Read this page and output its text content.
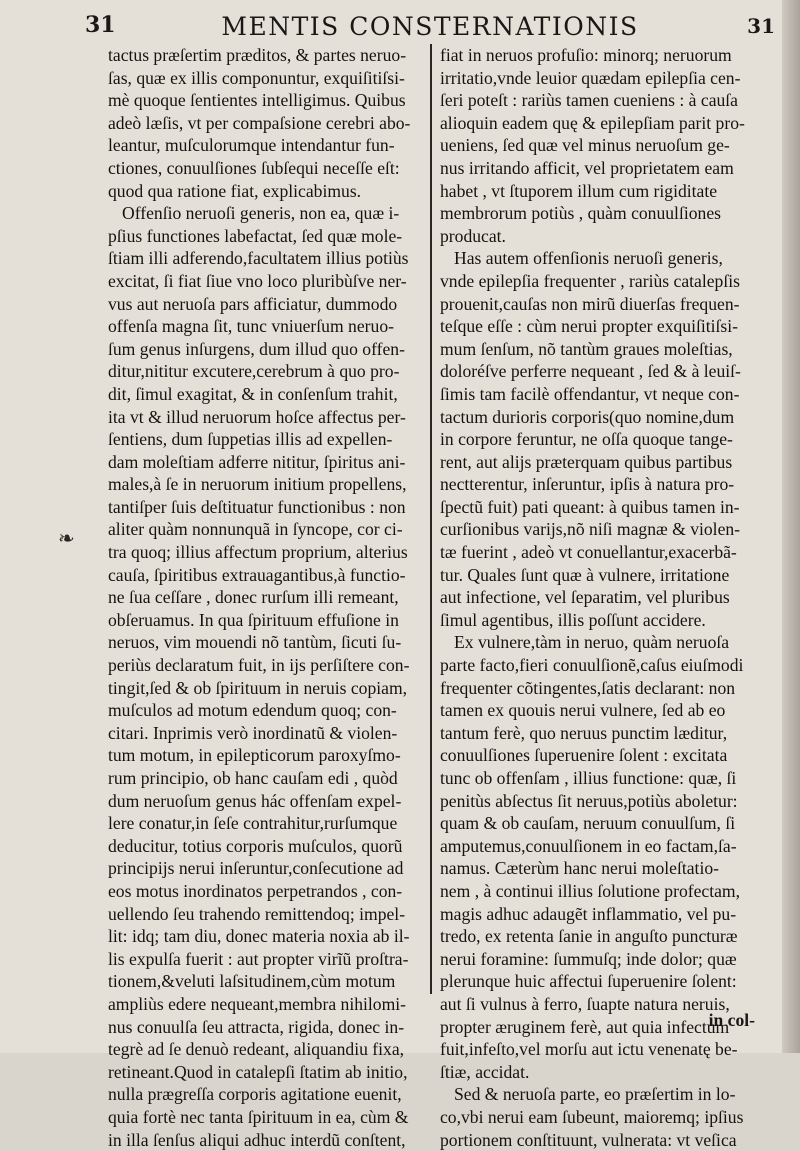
31	MENTIS CONSTERNATIONIS	31
❧
tactus præſertim præditos, & partes neruo-
ſas, quæ ex illis componuntur, exquiſitiſsi-
mè quoque ſentientes intelligimus. Quibus
adeò læſis, vt per compaſsione cerebri abo-
leantur, muſculorumque intendantur fun-
ctiones, conuulſiones ſubſequi neceſſe eſt:
quod qua ratione fiat, explicabimus.
Offenſio neruoſi generis, non ea, quæ i-
pſius functiones labefactat, ſed quæ mole-
ſtiam illi adferendo,facultatem illius potiùs
excitat, ſi fiat ſiue vno loco pluribùſve ner-
vus aut neruoſa pars afficiatur, dummodo
offenſa magna ſit, tunc vniuerſum neruo-
ſum genus inſurgens, dum illud quo offen-
ditur,nititur excutere,cerebrum à quo pro-
dit, ſimul exagitat, & in conſenſum trahit,
ita vt & illud neruorum hoſce affectus per-
ſentiens, dum ſuppetias illis ad expellen-
dam moleſtiam adferre nititur, ſpiritus ani-
males,à ſe in neruorum initium propellens,
tantiſper ſuis deſtituatur functionibus : non
aliter quàm nonnunquã in ſyncope, cor ci-
tra quoq; illius affectum proprium, alterius
cauſa, ſpiritibus extrauagantibus,à functio-
ne ſua ceſſare , donec rurſum illi remeant,
obſeruamus. In qua ſpirituum effuſione in
neruos, vim mouendi nõ tantùm, ſicuti ſu-
periùs declaratum fuit, in ijs perſiſtere con-
tingit,ſed & ob ſpirituum in neruis copiam,
muſculos ad motum edendum quoq; con-
citari. Inprimis verò inordinatũ & violen-
tum motum, in epilepticorum paroxyſmo-
rum principio, ob hanc cauſam edi , quòd
dum neruoſum genus hác offenſam expel-
lere conatur,in ſeſe contrahitur,rurſumque
deducitur, totius corporis muſculos, quorũ
principijs nerui inſeruntur,conſecutione ad
eos motus inordinatos perpetrandos , con-
uellendo ſeu trahendo remittendoq; impel-
lit: idq; tam diu, donec materia noxia ab il-
lis expulſa fuerit : aut propter virĩũ proſtra-
tionem,&veluti laſsitudinem,cùm motum
ampliùs edere nequeant,membra nihilomi-
nus conuulſa ſeu attracta, rigida, donec in-
tegrè ad ſe denuò redeant, aliquandiu fixa,
retineant.Quod in catalepſi ſtatim ab initio,
nulla prægreſſa corporis agitatione euenit,
quia fortè nec tanta ſpirituum in ea, cùm &
in illa ſenſus aliqui adhuc interdũ conſtent,
fiat in neruos profuſio: minorq; neruorum
irritatio,vnde leuior quædam epilepſia cen-
ſeri poteſt : rariùs tamen cueniens : à cauſa
alioquin eadem quę & epilepſiam parit pro-
ueniens, ſed quæ vel minus neruoſum ge-
nus irritando afficit, vel proprietatem eam
habet , vt ſtuporem illum cum rigiditate
membrorum potiùs , quàm conuulſiones
producat.
Has autem offenſionis neruoſi generis,
vnde epilepſia frequenter , rariùs catalepſis
prouenit,cauſas non mirũ diuerſas frequen-
teſque eſſe : cùm nerui propter exquiſitiſsi-
mum ſenſum, nõ tantùm graues moleſtias,
doloréſve perferre nequeant , ſed & à leuiſ-
ſimis tam facilè offendantur, vt neque con-
tactum durioris corporis(quo nomine,dum
in corpore feruntur, ne oſſa quoque tange-
rent, aut alijs præterquam quibus partibus
nectterentur, inſeruntur, ipſis à natura pro-
ſpectũ fuit) pati queant: à quibus tamen in-
curſionibus varijs,nõ niſi magnæ & violen-
tæ fuerint , adeò vt conuellantur,exacerbã-
tur. Quales ſunt quæ à vulnere, irritatione
aut infectione, vel ſeparatim, vel pluribus
ſimul agentibus, illis poſſunt accidere.
Ex vulnere,tàm in neruo, quàm neruoſa
parte facto,fieri conuulſionẽ,caſus eiuſmodi
frequenter cõtingentes,ſatis declarant: non
tamen ex quouis nerui vulnere, ſed ab eo
tantum ferè, quo neruus punctim læditur,
conuulſiones ſuperuenire ſolent : excitata
tunc ob offenſam , illius functione: quæ, ſi
penitùs abſectus ſit neruus,potiùs aboletur:
quam & ob cauſam, neruum conuulſum, ſi
amputemus,conuulſionem in eo factam,ſa-
namus. Cæterùm hanc nerui moleſtatio-
nem , à continui illius ſolutione profectam,
magis adhuc adaugẽt inflammatio, vel pu-
tredo, ex retenta ſanie in anguſto puncturæ
nerui foramine: ſummuſq; inde dolor; quæ
plerunque huic affectui ſuperuenire ſolent:
aut ſi vulnus à ferro, ſuapte natura neruis,
propter æruginem ferè, aut quia infectum
fuit,infeſto,vel morſu aut ictu venenatę be-
ſtiæ, accidat.
Sed & neruoſa parte, eo præſertim in lo-
co,vbi nerui eam ſubeunt, maioremq; ipſius
portionem conſtituunt, vulnerata: vt veſica
in col-
